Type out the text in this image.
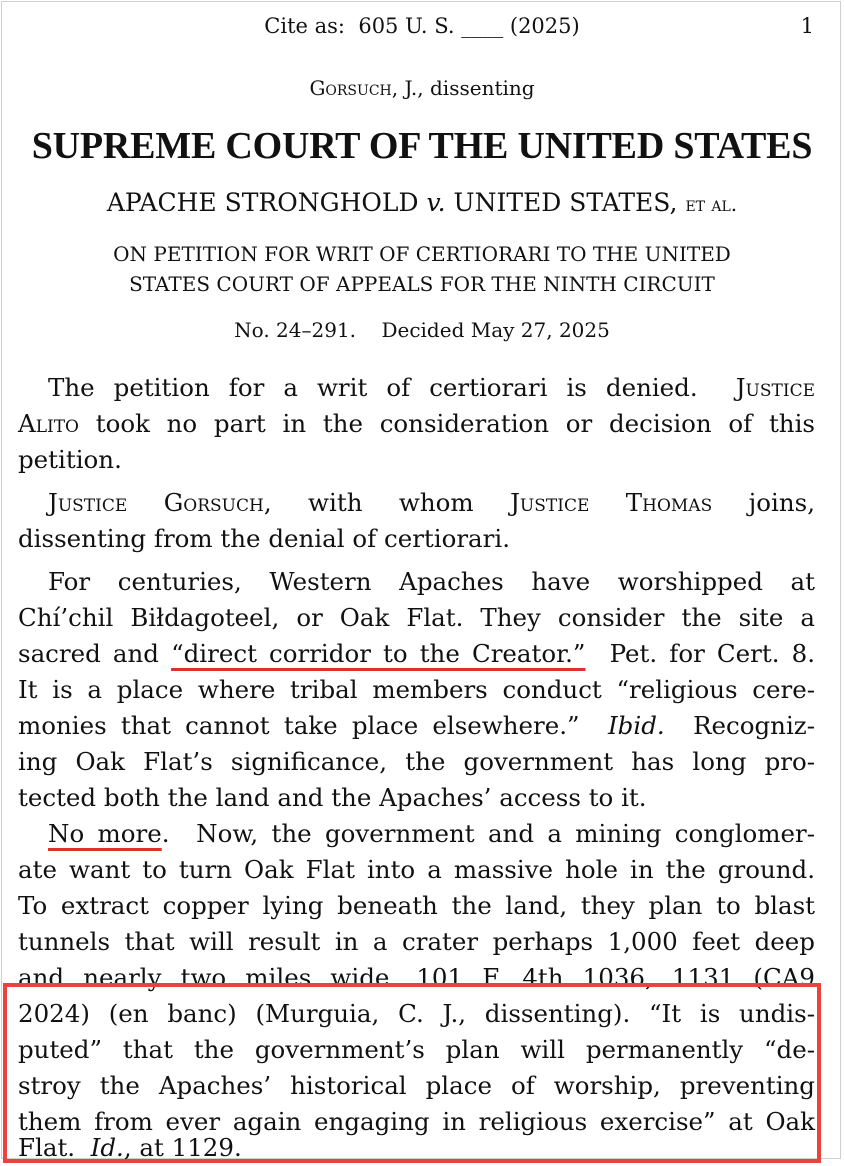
Cite as:  605 U. S. ____ (2025)	1
Gorsuch, J., dissenting
SUPREME COURT OF THE UNITED STATES
APACHE STRONGHOLD v. UNITED STATES, et al.
ON PETITION FOR WRIT OF CERTIORARI TO THE UNITED
STATES COURT OF APPEALS FOR THE NINTH CIRCUIT
No. 24–291.    Decided May 27, 2025
The petition for a writ of certiorari is denied.  Justice
Alito took no part in the consideration or decision of this
petition.
Justice Gorsuch, with whom Justice Thomas joins,
dissenting from the denial of certiorari.
For centuries, Western Apaches have worshipped at
Chí’chil Biłdagoteel, or Oak Flat. They consider the site a
sacred and “direct corridor to the Creator.”  Pet. for Cert. 8.
It is a place where tribal members conduct “religious cere-
monies that cannot take place elsewhere.”  Ibid.  Recogniz-
ing Oak Flat’s significance, the government has long pro-
tected both the land and the Apaches’ access to it.
No more.  Now, the government and a mining conglomer-
ate want to turn Oak Flat into a massive hole in the ground.
To extract copper lying beneath the land, they plan to blast
tunnels that will result in a crater perhaps 1,000 feet deep
and nearly two miles wide. 101 F. 4th 1036, 1131 (CA9
2024) (en banc) (Murguia, C. J., dissenting). “It is undis-
puted” that the government’s plan will permanently “de-
stroy the Apaches’ historical place of worship, preventing
them from ever again engaging in religious exercise” at Oak
Flat.  Id., at 1129.
